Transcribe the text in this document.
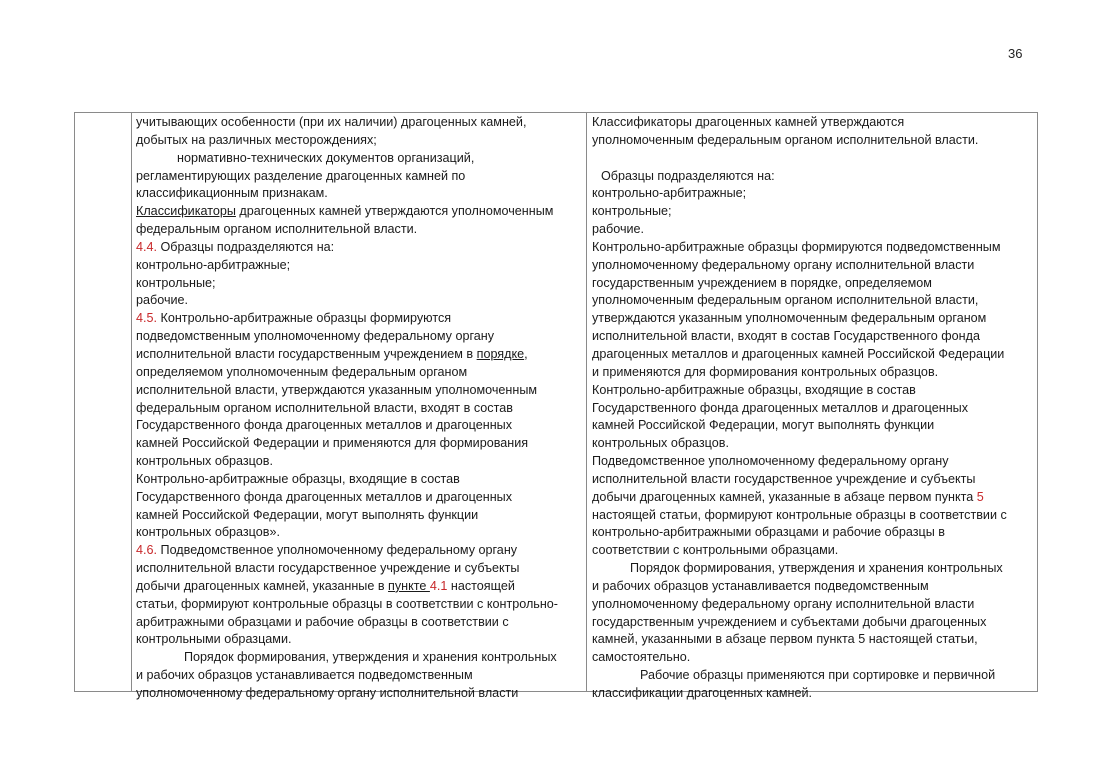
36
учитывающих особенности (при их наличии) драгоценных камней,
добытых на различных месторождениях;
нормативно-технических документов организаций,
регламентирующих разделение драгоценных камней по
классификационным признакам.
Классификаторы драгоценных камней утверждаются уполномоченным
федеральным органом исполнительной власти.
4.4. Образцы подразделяются на:
контрольно-арбитражные;
контрольные;
рабочие.
4.5. Контрольно-арбитражные образцы формируются
подведомственным уполномоченному федеральному органу
исполнительной власти государственным учреждением в порядке,
определяемом уполномоченным федеральным органом
исполнительной власти, утверждаются указанным уполномоченным
федеральным органом исполнительной власти, входят в состав
Государственного фонда драгоценных металлов и драгоценных
камней Российской Федерации и применяются для формирования
контрольных образцов.
Контрольно-арбитражные образцы, входящие в состав
Государственного фонда драгоценных металлов и драгоценных
камней Российской Федерации, могут выполнять функции
контрольных образцов».
4.6. Подведомственное уполномоченному федеральному органу
исполнительной власти государственное учреждение и субъекты
добычи драгоценных камней, указанные в пункте 4.1 настоящей
статьи, формируют контрольные образцы в соответствии с контрольно-
арбитражными образцами и рабочие образцы в соответствии с
контрольными образцами.
Порядок формирования, утверждения и хранения контрольных
и рабочих образцов устанавливается подведомственным
уполномоченному федеральному органу исполнительной власти
Классификаторы драгоценных камней утверждаются
уполномоченным федеральным органом исполнительной власти.
Образцы подразделяются на:
контрольно-арбитражные;
контрольные;
рабочие.
Контрольно-арбитражные образцы формируются подведомственным
уполномоченному федеральному органу исполнительной власти
государственным учреждением в порядке, определяемом
уполномоченным федеральным органом исполнительной власти,
утверждаются указанным уполномоченным федеральным органом
исполнительной власти, входят в состав Государственного фонда
драгоценных металлов и драгоценных камней Российской Федерации
и применяются для формирования контрольных образцов.
Контрольно-арбитражные образцы, входящие в состав
Государственного фонда драгоценных металлов и драгоценных
камней Российской Федерации, могут выполнять функции
контрольных образцов.
Подведомственное уполномоченному федеральному органу
исполнительной власти государственное учреждение и субъекты
добычи драгоценных камней, указанные в абзаце первом пункта 5
настоящей статьи, формируют контрольные образцы в соответствии с
контрольно-арбитражными образцами и рабочие образцы в
соответствии с контрольными образцами.
Порядок формирования, утверждения и хранения контрольных
и рабочих образцов устанавливается подведомственным
уполномоченному федеральному органу исполнительной власти
государственным учреждением и субъектами добычи драгоценных
камней, указанными в абзаце первом пункта 5 настоящей статьи,
самостоятельно.
Рабочие образцы применяются при сортировке и первичной
классификации драгоценных камней.
